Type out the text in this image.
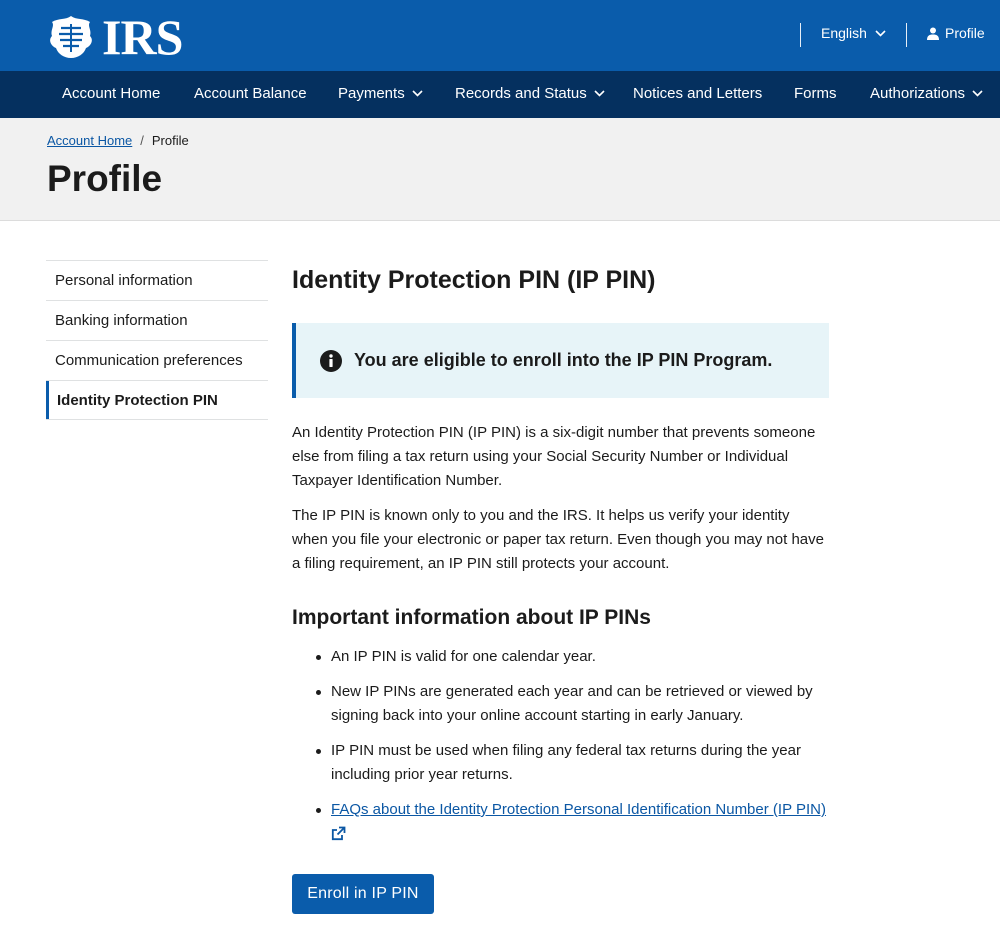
IRS	English	Profile
Account Home Account Balance Payments	Records and Status	Notices and Letters Forms Authorizations
Account Home / Profile
Profile
Personal information
Banking information
Communication preferences
Identity Protection PIN
Identity Protection PIN (IP PIN)
You are eligible to enroll into the IP PIN Program.

An Identity Protection PIN (IP PIN) is a six-digit number that prevents someone else from filing a tax return using your Social Security Number or Individual Taxpayer Identification Number.

The IP PIN is known only to you and the IRS. It helps us verify your identity when you file your electronic or paper tax return. Even though you may not have a filing requirement, an IP PIN still protects your account.

Important information about IP PINs
An IP PIN is valid for one calendar year.
New IP PINs are generated each year and can be retrieved or viewed by signing back into your online account starting in early January.
IP PIN must be used when filing any federal tax returns during the year including prior year returns.
FAQs about the Identity Protection Personal Identification Number (IP PIN)
Enroll in IP PIN
